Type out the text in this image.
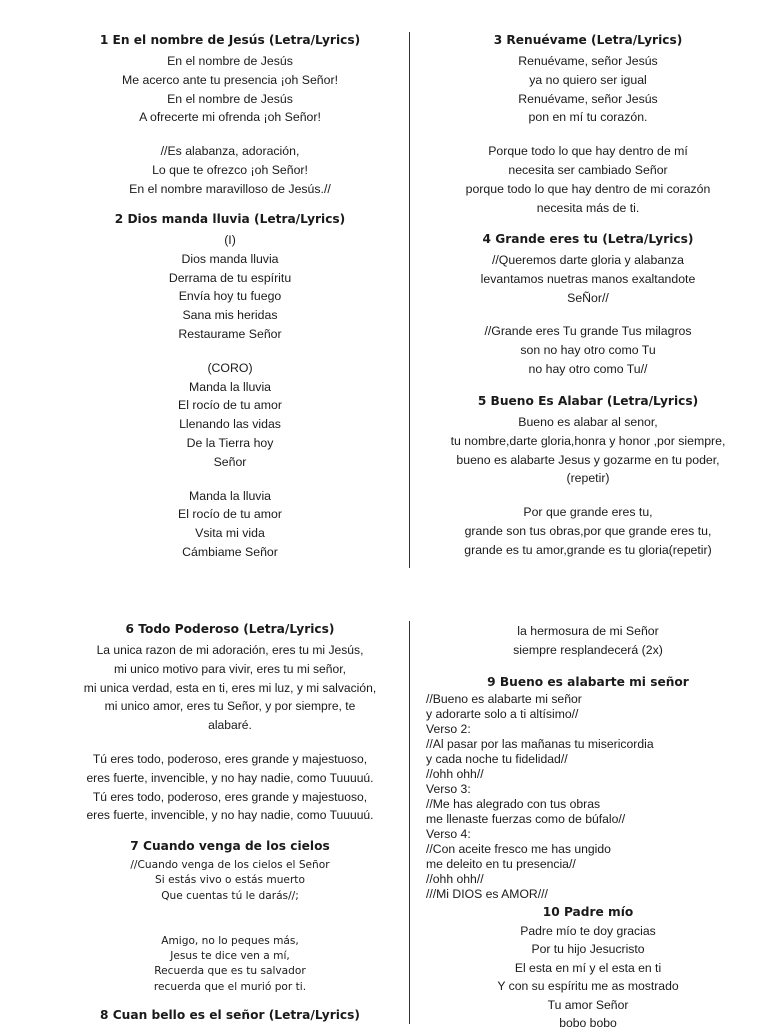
1 En el nombre de Jesús (Letra/Lyrics)
En el nombre de Jesús
Me acerco ante tu presencia ¡oh Señor!
En el nombre de Jesús
A ofrecerte mi ofrenda ¡oh Señor!
//Es alabanza, adoración,
Lo que te ofrezco ¡oh Señor!
En el nombre maravilloso de Jesús.//
2 Dios manda lluvia (Letra/Lyrics)
(I)
Dios manda lluvia
Derrama de tu espíritu
Envía hoy tu fuego
Sana mis heridas
Restaurame Señor
(CORO)
Manda la lluvia
El rocío de tu amor
Llenando las vidas
De la Tierra hoy
Señor
Manda la lluvia
El rocío de tu amor
Vsita mi vida
Cámbiame Señor
3 Renuévame (Letra/Lyrics)
Renuévame, señor Jesús
ya no quiero ser igual
Renuévame, señor Jesús
pon en mí tu corazón.
Porque todo lo que hay dentro de mí
necesita ser cambiado Señor
porque todo lo que hay dentro de mi corazón
necesita más de ti.
4 Grande eres tu (Letra/Lyrics)
//Queremos darte gloria y alabanza
levantamos nuetras manos exaltandote
SeÑor//
//Grande eres Tu grande Tus milagros
son no hay otro como Tu
no hay otro como Tu//
5 Bueno Es Alabar (Letra/Lyrics)
Bueno es alabar al senor,
tu nombre,darte gloria,honra y honor ,por siempre,
bueno es alabarte Jesus y gozarme en tu poder,
(repetir)
Por que grande eres tu,
grande son tus obras,por que grande eres tu,
grande es tu amor,grande es tu gloria(repetir)
6 Todo Poderoso (Letra/Lyrics)
La unica razon de mi adoración, eres tu mi Jesús,
mi unico motivo para vivir, eres tu mi señor,
mi unica verdad, esta en ti, eres mi luz, y mi salvación,
mi unico amor, eres tu Señor, y por siempre, te
alabaré.
Tú eres todo, poderoso, eres grande y majestuoso,
eres fuerte, invencible, y no hay nadie, como Tuuuuú.
Tú eres todo, poderoso, eres grande y majestuoso,
eres fuerte, invencible, y no hay nadie, como Tuuuuú.
7 Cuando venga de los cielos
//Cuando venga de los cielos el Señor
Si estás vivo o estás muerto
Que cuentas tú le darás//;
Amigo, no lo peques más,
Jesus te dice ven a mí,
Recuerda que es tu salvador
recuerda que el murió por ti.
8 Cuan bello es el señor (Letra/Lyrics)
la hermosura de mi Señor
siempre resplandecerá (2x)
9 Bueno es alabarte mi señor
//Bueno es alabarte mi señor
y adorarte solo a ti altísimo//
Verso 2:
//Al pasar por las mañanas tu misericordia
y cada noche tu fidelidad//
//ohh ohh//
Verso 3:
//Me has alegrado con tus obras
me llenaste fuerzas como de búfalo//
Verso 4:
//Con aceite fresco me has ungido
me deleito en tu presencia//
//ohh ohh//
///Mi DIOS es AMOR///
10 Padre mío
Padre mío te doy gracias
Por tu hijo Jesucristo
El esta en mí y el esta en ti
Y con su espíritu me as mostrado
Tu amor Señor
bobo bobo
